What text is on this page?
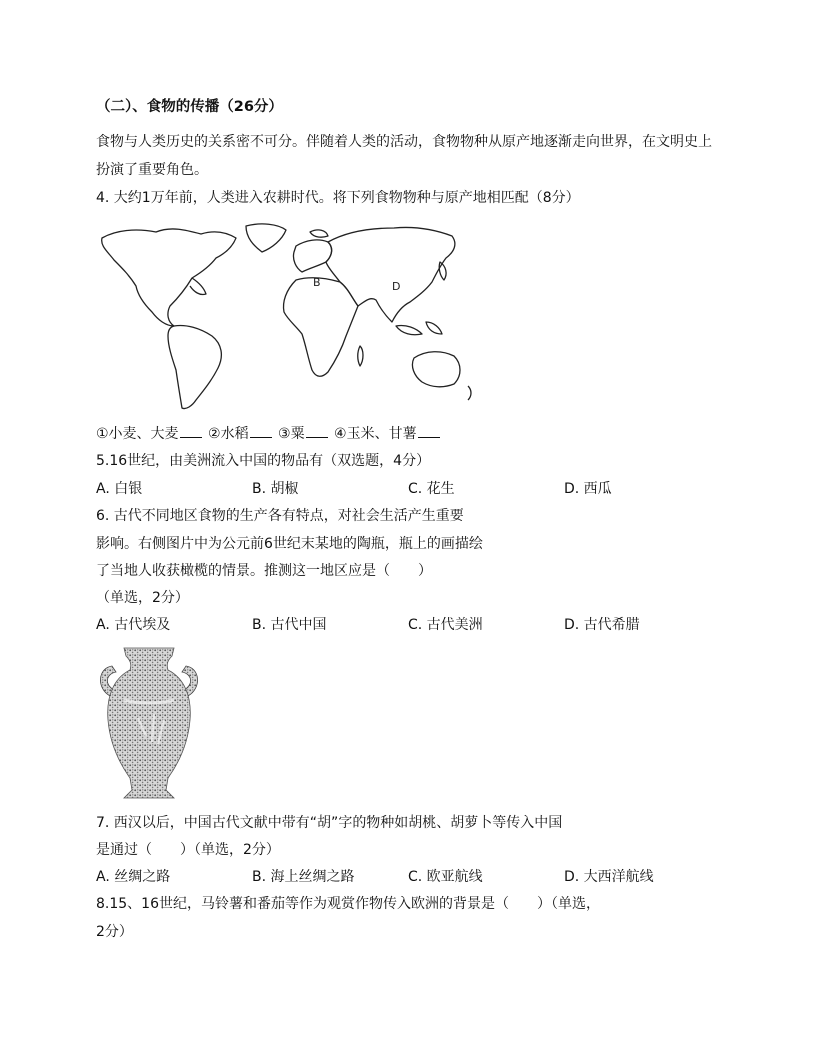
（二）、食物的传播（26分）
食物与人类历史的关系密不可分。伴随着人类的活动，食物物种从原产地逐渐走向世界，在文明史上
扮演了重要角色。
4. 大约1万年前，人类进入农耕时代。将下列食物物种与原产地相匹配（8分）
B	D
①小麦、大麦 ②水稻 ③粟 ④玉米、甘薯
5.16世纪，由美洲流入中国的物品有（双选题，4分）
A. 白银	B. 胡椒	C. 花生	D. 西瓜
6. 古代不同地区食物的生产各有特点，对社会生活产生重要
影响。右侧图片中为公元前6世纪末某地的陶瓶，瓶上的画描绘
了当地人收获橄榄的情景。推测这一地区应是（　　）
（单选，2分）
A. 古代埃及	B. 古代中国	C. 古代美洲	D. 古代希腊
7. 西汉以后，中国古代文献中带有“胡”字的物种如胡桃、胡萝卜等传入中国
是通过（　　）（单选，2分）
A. 丝绸之路	B. 海上丝绸之路	C. 欧亚航线	D. 大西洋航线
8.15、16世纪，马铃薯和番茄等作为观赏作物传入欧洲的背景是（　　）（单选，
2分）
